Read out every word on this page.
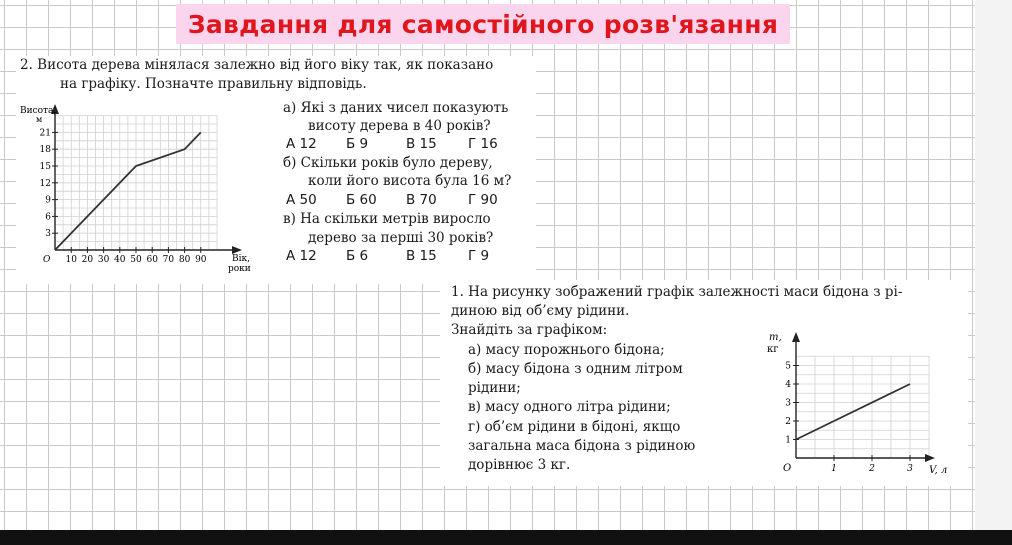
Завдання для самостійного розв'язання
2. Висота дерева мінялася залежно від його віку так, як показано
на графіку. Позначте правильну відповідь.
Висота,
м
Вік,
роки
О
3
6
9
12
15
18
21
10 20 30 40 50 60 70 80 90
а) Які з даних чисел показують
висоту дерева в 40 років?
А 12 Б 9	В 15 Г 16
б) Скільки років було дереву,
коли його висота була 16 м?
А 50 Б 60 В 70 Г 90
в) На скільки метрів виросло
дерево за перші 30 років?
А 12 Б 6	В 15 Г 9
1. На рисунку зображений графік залежності маси бідона з рі-
диною від об’єму рідини.
Знайдіть за графіком:
а) масу порожнього бідона;
б) масу бідона з одним літром
рідини;
в) масу одного літра рідини;
г) об’єм рідини в бідоні, якщо
загальна маса бідона з рідиною
дорівнює 3 кг.
m,
кг
V, л
О
1
2
3
4
5
1	2	3
